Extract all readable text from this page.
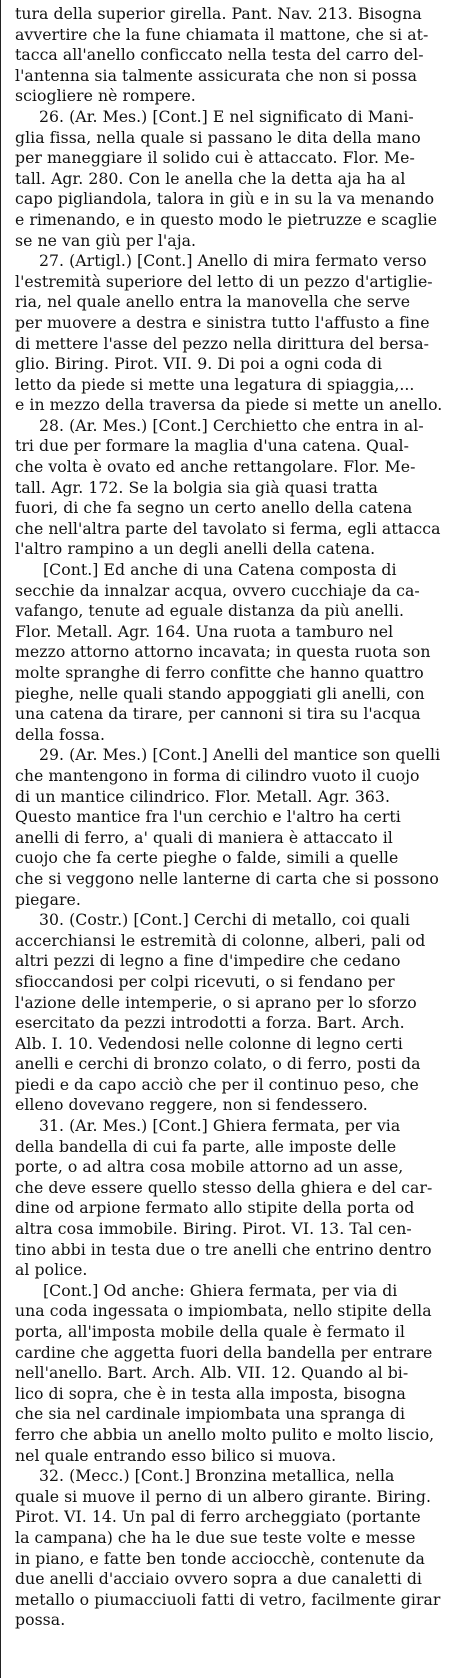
tura della superior girella. Pant. Nav. 213. Bisogna
avvertire che la fune chiamata il mattone, che si at-
tacca all'anello conficcato nella testa del carro del-
l'antenna sia talmente assicurata che non si possa
sciogliere nè rompere.
26. (Ar. Mes.) [Cont.] E nel significato di Mani-
glia fissa, nella quale si passano le dita della mano
per maneggiare il solido cui è attaccato. Flor. Me-
tall. Agr. 280. Con le anella che la detta aja ha al
capo pigliandola, talora in giù e in su la va menando
e rimenando, e in questo modo le pietruzze e scaglie
se ne van giù per l'aja.
27. (Artigl.) [Cont.] Anello di mira fermato verso
l'estremità superiore del letto di un pezzo d'artiglie-
ria, nel quale anello entra la manovella che serve
per muovere a destra e sinistra tutto l'affusto a fine
di mettere l'asse del pezzo nella dirittura del bersa-
glio. Biring. Pirot. VII. 9. Di poi a ogni coda di
letto da piede si mette una legatura di spiaggia,...
e in mezzo della traversa da piede si mette un anello.
28. (Ar. Mes.) [Cont.] Cerchietto che entra in al-
tri due per formare la maglia d'una catena. Qual-
che volta è ovato ed anche rettangolare. Flor. Me-
tall. Agr. 172. Se la bolgia sia già quasi tratta
fuori, di che fa segno un certo anello della catena
che nell'altra parte del tavolato si ferma, egli attacca
l'altro rampino a un degli anelli della catena.
[Cont.] Ed anche di una Catena composta di
secchie da innalzar acqua, ovvero cucchiaje da ca-
vafango, tenute ad eguale distanza da più anelli.
Flor. Metall. Agr. 164. Una ruota a tamburo nel
mezzo attorno attorno incavata; in questa ruota son
molte spranghe di ferro confitte che hanno quattro
pieghe, nelle quali stando appoggiati gli anelli, con
una catena da tirare, per cannoni si tira su l'acqua
della fossa.
29. (Ar. Mes.) [Cont.] Anelli del mantice son quelli
che mantengono in forma di cilindro vuoto il cuojo
di un mantice cilindrico. Flor. Metall. Agr. 363.
Questo mantice fra l'un cerchio e l'altro ha certi
anelli di ferro, a' quali di maniera è attaccato il
cuojo che fa certe pieghe o falde, simili a quelle
che si veggono nelle lanterne di carta che si possono
piegare.
30. (Costr.) [Cont.] Cerchi di metallo, coi quali
accerchiansi le estremità di colonne, alberi, pali od
altri pezzi di legno a fine d'impedire che cedano
sfioccandosi per colpi ricevuti, o si fendano per
l'azione delle intemperie, o si aprano per lo sforzo
esercitato da pezzi introdotti a forza. Bart. Arch.
Alb. I. 10. Vedendosi nelle colonne di legno certi
anelli e cerchi di bronzo colato, o di ferro, posti da
piedi e da capo acciò che per il continuo peso, che
elleno dovevano reggere, non si fendessero.
31. (Ar. Mes.) [Cont.] Ghiera fermata, per via
della bandella di cui fa parte, alle imposte delle
porte, o ad altra cosa mobile attorno ad un asse,
che deve essere quello stesso della ghiera e del car-
dine od arpione fermato allo stipite della porta od
altra cosa immobile. Biring. Pirot. VI. 13. Tal cen-
tino abbi in testa due o tre anelli che entrino dentro
al police.
[Cont.] Od anche: Ghiera fermata, per via di
una coda ingessata o impiombata, nello stipite della
porta, all'imposta mobile della quale è fermato il
cardine che aggetta fuori della bandella per entrare
nell'anello. Bart. Arch. Alb. VII. 12. Quando al bi-
lico di sopra, che è in testa alla imposta, bisogna
che sia nel cardinale impiombata una spranga di
ferro che abbia un anello molto pulito e molto liscio,
nel quale entrando esso bilico si muova.
32. (Mecc.) [Cont.] Bronzina metallica, nella
quale si muove il perno di un albero girante. Biring.
Pirot. VI. 14. Un pal di ferro archeggiato (portante
la campana) che ha le due sue teste volte e messe
in piano, e fatte ben tonde acciocchè, contenute da
due anelli d'acciaio ovvero sopra a due canaletti di
metallo o piumacciuoli fatti di vetro, facilmente girar
possa.
